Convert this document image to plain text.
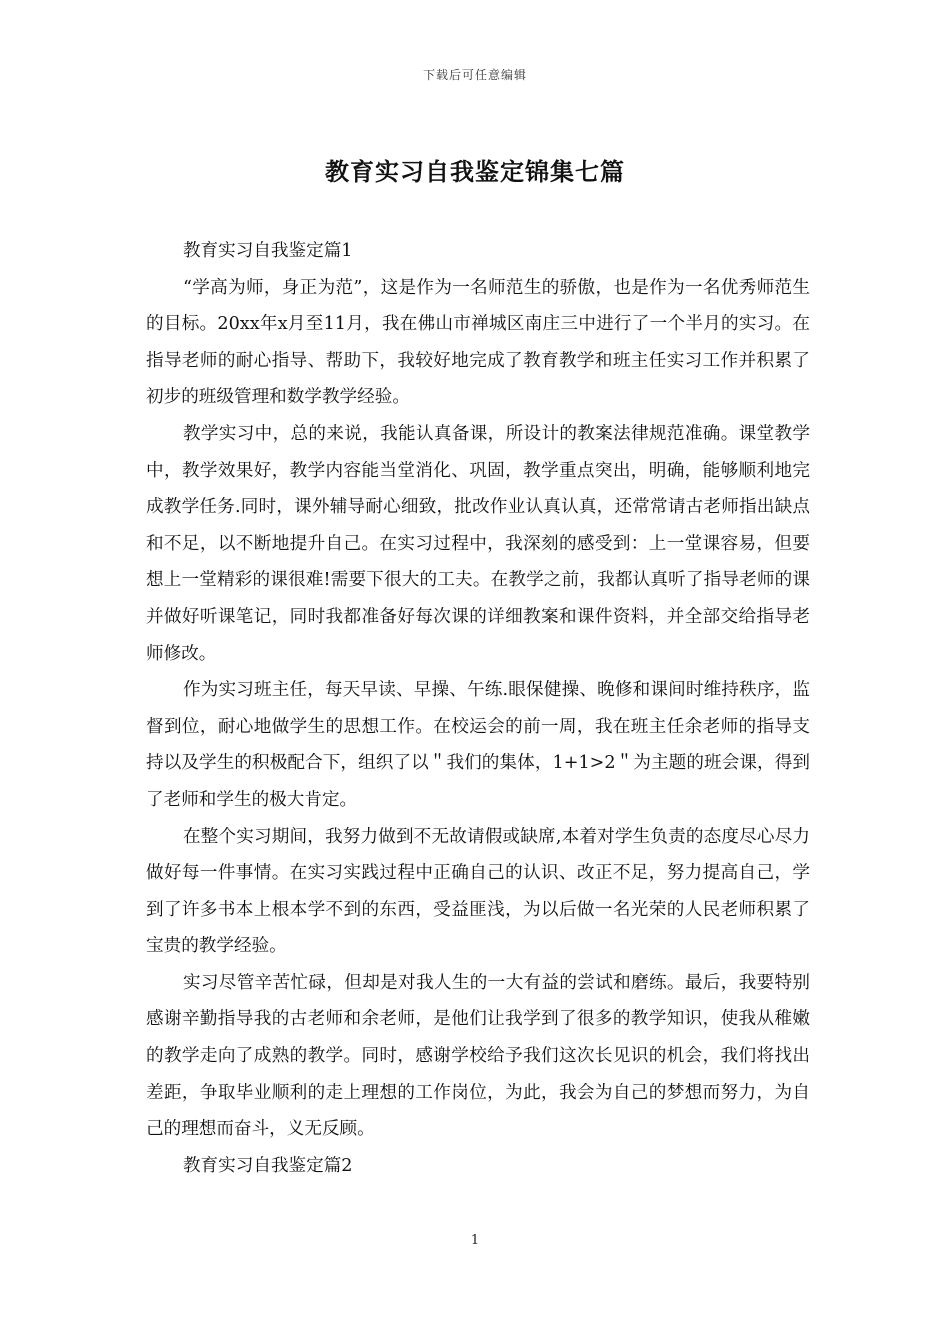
下载后可任意编辑
教育实习自我鉴定锦集七篇

教育实习自我鉴定篇1

“学高为师，身正为范”，这是作为一名师范生的骄傲，也是作为一名优秀师范生的目标。20xx年x月至11月，我在佛山市禅城区南庄三中进行了一个半月的实习。在指导老师的耐心指导、帮助下，我较好地完成了教育教学和班主任实习工作并积累了初步的班级管理和数学教学经验。

教学实习中，总的来说，我能认真备课，所设计的教案法律规范准确。课堂教学中，教学效果好，教学内容能当堂消化、巩固，教学重点突出，明确，能够顺利地完成教学任务.同时，课外辅导耐心细致，批改作业认真认真，还常常请古老师指出缺点和不足，以不断地提升自己。在实习过程中，我深刻的感受到：上一堂课容易，但要想上一堂精彩的课很难!需要下很大的工夫。在教学之前，我都认真听了指导老师的课并做好听课笔记，同时我都准备好每次课的详细教案和课件资料，并全部交给指导老师修改。

作为实习班主任，每天早读、早操、午练.眼保健操、晚修和课间时维持秩序，监督到位，耐心地做学生的思想工作。在校运会的前一周，我在班主任余老师的指导支持以及学生的积极配合下，组织了以＂我们的集体，1+1>2＂为主题的班会课，得到了老师和学生的极大肯定。

在整个实习期间，我努力做到不无故请假或缺席,本着对学生负责的态度尽心尽力做好每一件事情。在实习实践过程中正确自己的认识、改正不足，努力提高自己，学到了许多书本上根本学不到的东西，受益匪浅，为以后做一名光荣的人民老师积累了宝贵的教学经验。

实习尽管辛苦忙碌，但却是对我人生的一大有益的尝试和磨练。最后，我要特别感谢辛勤指导我的古老师和余老师，是他们让我学到了很多的教学知识，使我从稚嫩的教学走向了成熟的教学。同时，感谢学校给予我们这次长见识的机会，我们将找出差距，争取毕业顺利的走上理想的工作岗位，为此，我会为自己的梦想而努力，为自己的理想而奋斗，义无反顾。

教育实习自我鉴定篇2

1
